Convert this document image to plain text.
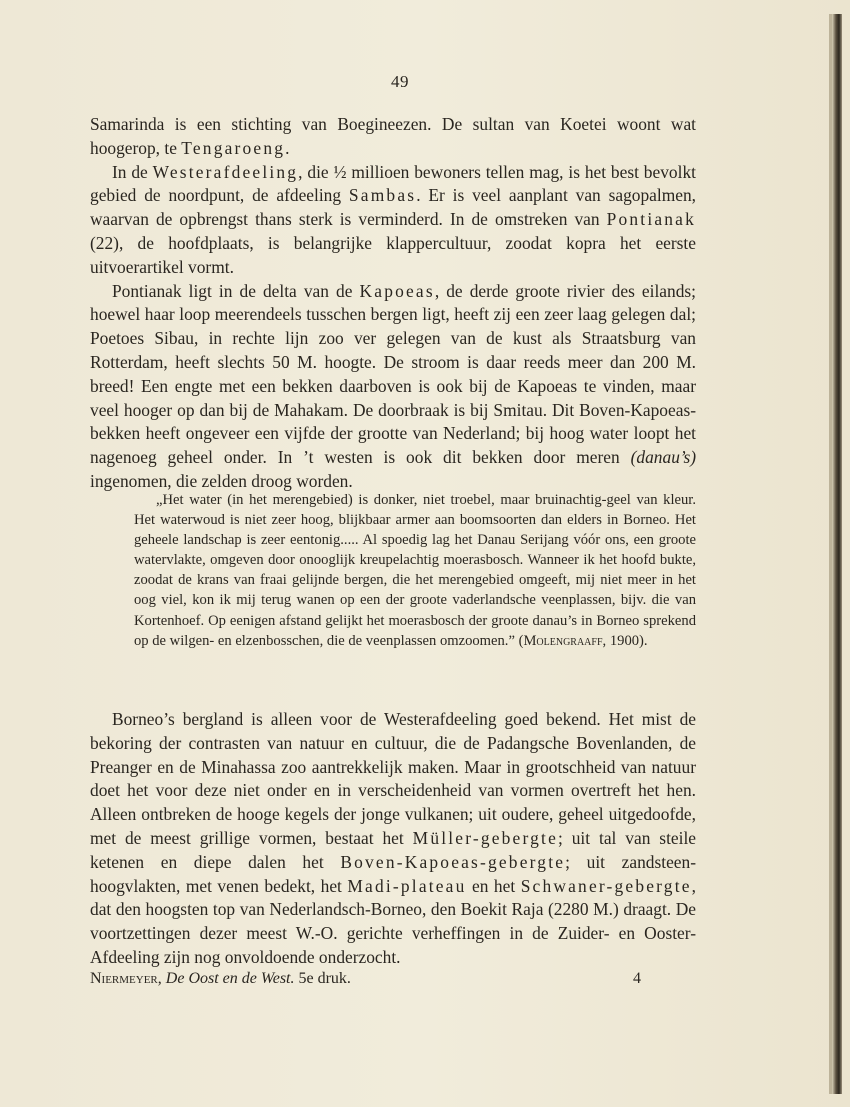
49

Samarinda is een stichting van Boegineezen. De sultan van Koetei woont wat hoogerop, te Tengaroeng.

In de Westerafdeeling, die ½ millioen bewoners tellen mag, is het best bevolkt gebied de noordpunt, de afdeeling Sambas. Er is veel aanplant van sagopalmen, waarvan de opbrengst thans sterk is verminderd. In de omstreken van Pontianak (22), de hoofdplaats, is belangrijke klappercultuur, zoodat kopra het eerste uitvoerartikel vormt.

Pontianak ligt in de delta van de Kapoeas, de derde groote rivier des eilands; hoewel haar loop meerendeels tusschen bergen ligt, heeft zij een zeer laag gelegen dal; Poetoes Sibau, in rechte lijn zoo ver gelegen van de kust als Straatsburg van Rotterdam, heeft slechts 50 M. hoogte. De stroom is daar reeds meer dan 200 M. breed! Een engte met een bekken daarboven is ook bij de Kapoeas te vinden, maar veel hooger op dan bij de Mahakam. De doorbraak is bij Smitau. Dit Boven-Kapoeas-bekken heeft ongeveer een vijfde der grootte van Nederland; bij hoog water loopt het nagenoeg geheel onder. In ’t westen is ook dit bekken door meren (danau’s) ingenomen, die zelden droog worden.

„Het water (in het merengebied) is donker, niet troebel, maar bruinachtig-geel van kleur. Het waterwoud is niet zeer hoog, blijkbaar armer aan boomsoorten dan elders in Borneo. Het geheele landschap is zeer eentonig..... Al spoedig lag het Danau Serijang vóór ons, een groote watervlakte, omgeven door onooglijk kreupelachtig moerasbosch. Wanneer ik het hoofd bukte, zoodat de krans van fraai gelijnde bergen, die het merengebied omgeeft, mij niet meer in het oog viel, kon ik mij terug wanen op een der groote vaderlandsche veenplassen, bijv. die van Kortenhoef. Op eenigen afstand gelijkt het moerasbosch der groote danau’s in Borneo sprekend op de wilgen- en elzenbosschen, die de veenplassen omzoomen.” (Molengraaff, 1900).

Borneo’s bergland is alleen voor de Westerafdeeling goed bekend. Het mist de bekoring der contrasten van natuur en cultuur, die de Padangsche Bovenlanden, de Preanger en de Minahassa zoo aantrekkelijk maken. Maar in grootschheid van natuur doet het voor deze niet onder en in verscheidenheid van vormen overtreft het hen. Alleen ontbreken de hooge kegels der jonge vulkanen; uit oudere, geheel uitgedoofde, met de meest grillige vormen, bestaat het Müller-gebergte; uit tal van steile ketenen en diepe dalen het Boven-Kapoeas-gebergte; uit zandsteen-hoogvlakten, met venen bedekt, het Madi-plateau en het Schwaner-gebergte, dat den hoogsten top van Nederlandsch-Borneo, den Boekit Raja (2280 M.) draagt. De voortzettingen dezer meest W.-O. gerichte verheffingen in de Zuider- en Ooster-Afdeeling zijn nog onvoldoende onderzocht.

Niermeyer, De Oost en de West. 5e druk.	4
